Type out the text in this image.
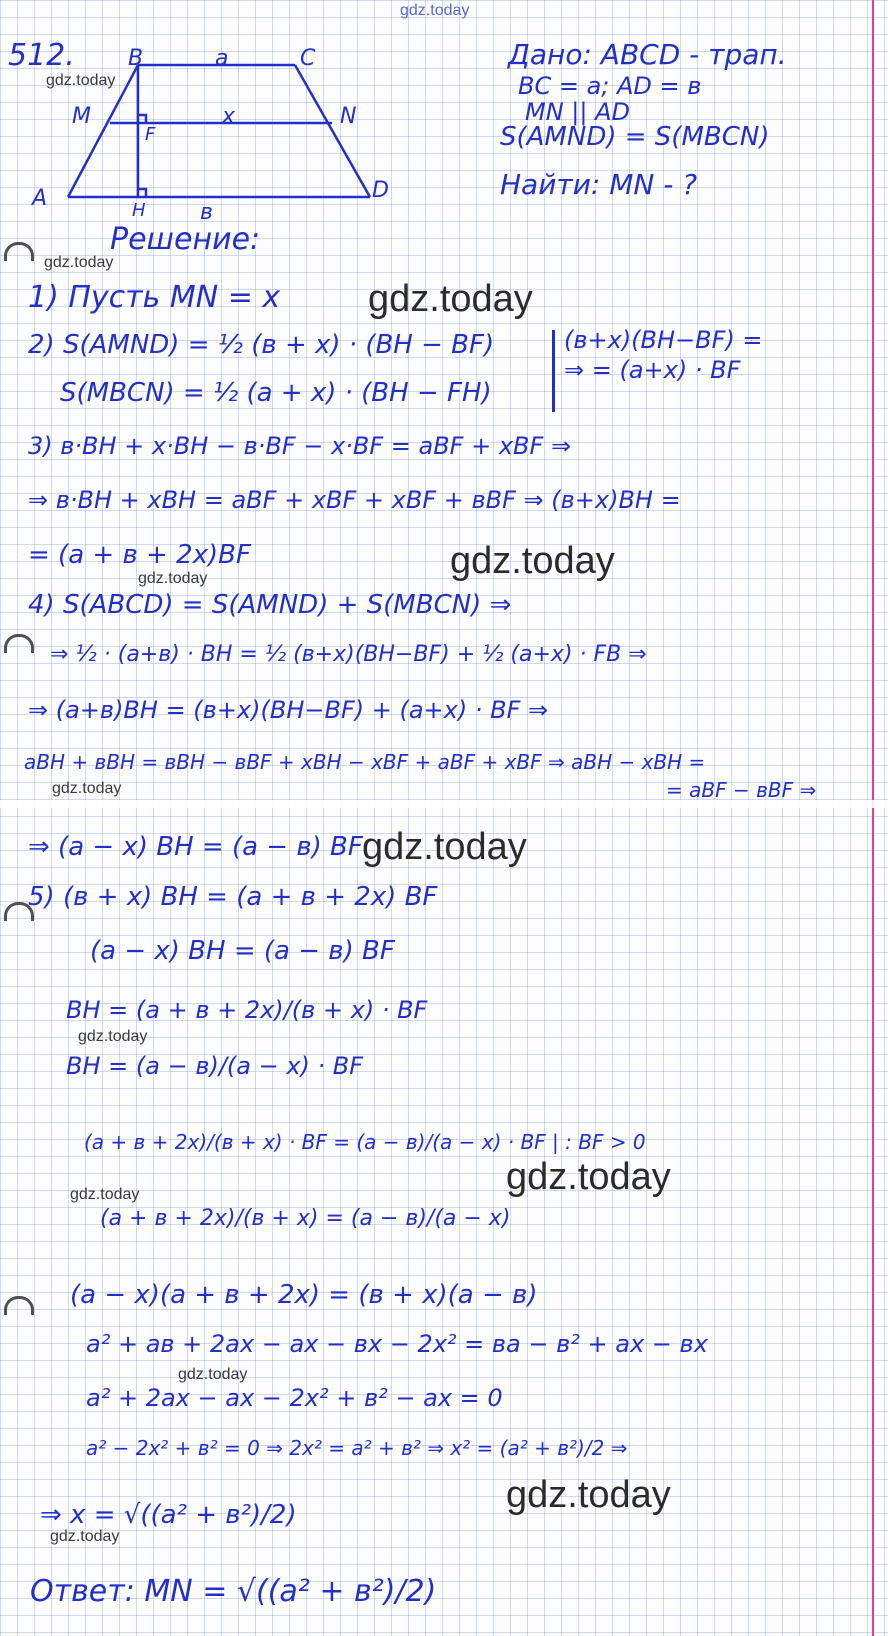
gdz.today
512. B	a	C
M	x	N
F
A	H в
D
Дано: ABCD - трап.
BC = a; AD = в
MN || AD
S(AMND) = S(MBCN)
Найти: MN - ?
Решение:
1) Пусть MN = x
2) S(AMND) = ½ (в + x) · (BH − BF)
S(MBCN) = ½ (a + x) · (BH − FH)
(в+x)(BH−BF) =
⇒ = (a+x) · BF
3) в·BH + x·BH − в·BF − x·BF = aBF + xBF ⇒
⇒ в·BH + xBH = aBF + xBF + xBF + вBF ⇒ (в+x)BH =
= (a + в + 2x)BF
4) S(ABCD) = S(AMND) + S(MBCN) ⇒
⇒ ½ · (a+в) · BH = ½ (в+x)(BH−BF) + ½ (a+x) · FB ⇒
⇒ (a+в)BH = (в+x)(BH−BF) + (a+x) · BF ⇒
aBH + вBH = вBH − вBF + xBH − xBF + aBF + xBF ⇒ aBH − xBH =
= aBF − вBF ⇒
⇒ (a − x) BH = (a − в) BF
5) (в + x) BH = (a + в + 2x) BF
(a − x) BH = (a − в) BF
BH = (a + в + 2x)/(в + x) · BF
BH = (a − в)/(a − x) · BF
(a + в + 2x)/(в + x) · BF = (a − в)/(a − x) · BF | : BF > 0
(a + в + 2x)/(в + x) = (a − в)/(a − x)
(a − x)(a + в + 2x) = (в + x)(a − в)
a² + aв + 2ax − ax − вx − 2x² = вa − в² + ax − вx
a² + 2ax − ax − 2x² + в² − ax = 0
a² − 2x² + в² = 0 ⇒ 2x² = a² + в² ⇒ x² = (a² + в²)/2 ⇒
⇒ x = √((a² + в²)/2)
Ответ: MN = √((a² + в²)/2)
gdz.today
gdz.today
gdz.today
gdz.today
gdz.today
gdz.today
gdz.today
gdz.today
gdz.today
gdz.today
gdz.today
gdz.today
gdz.today
